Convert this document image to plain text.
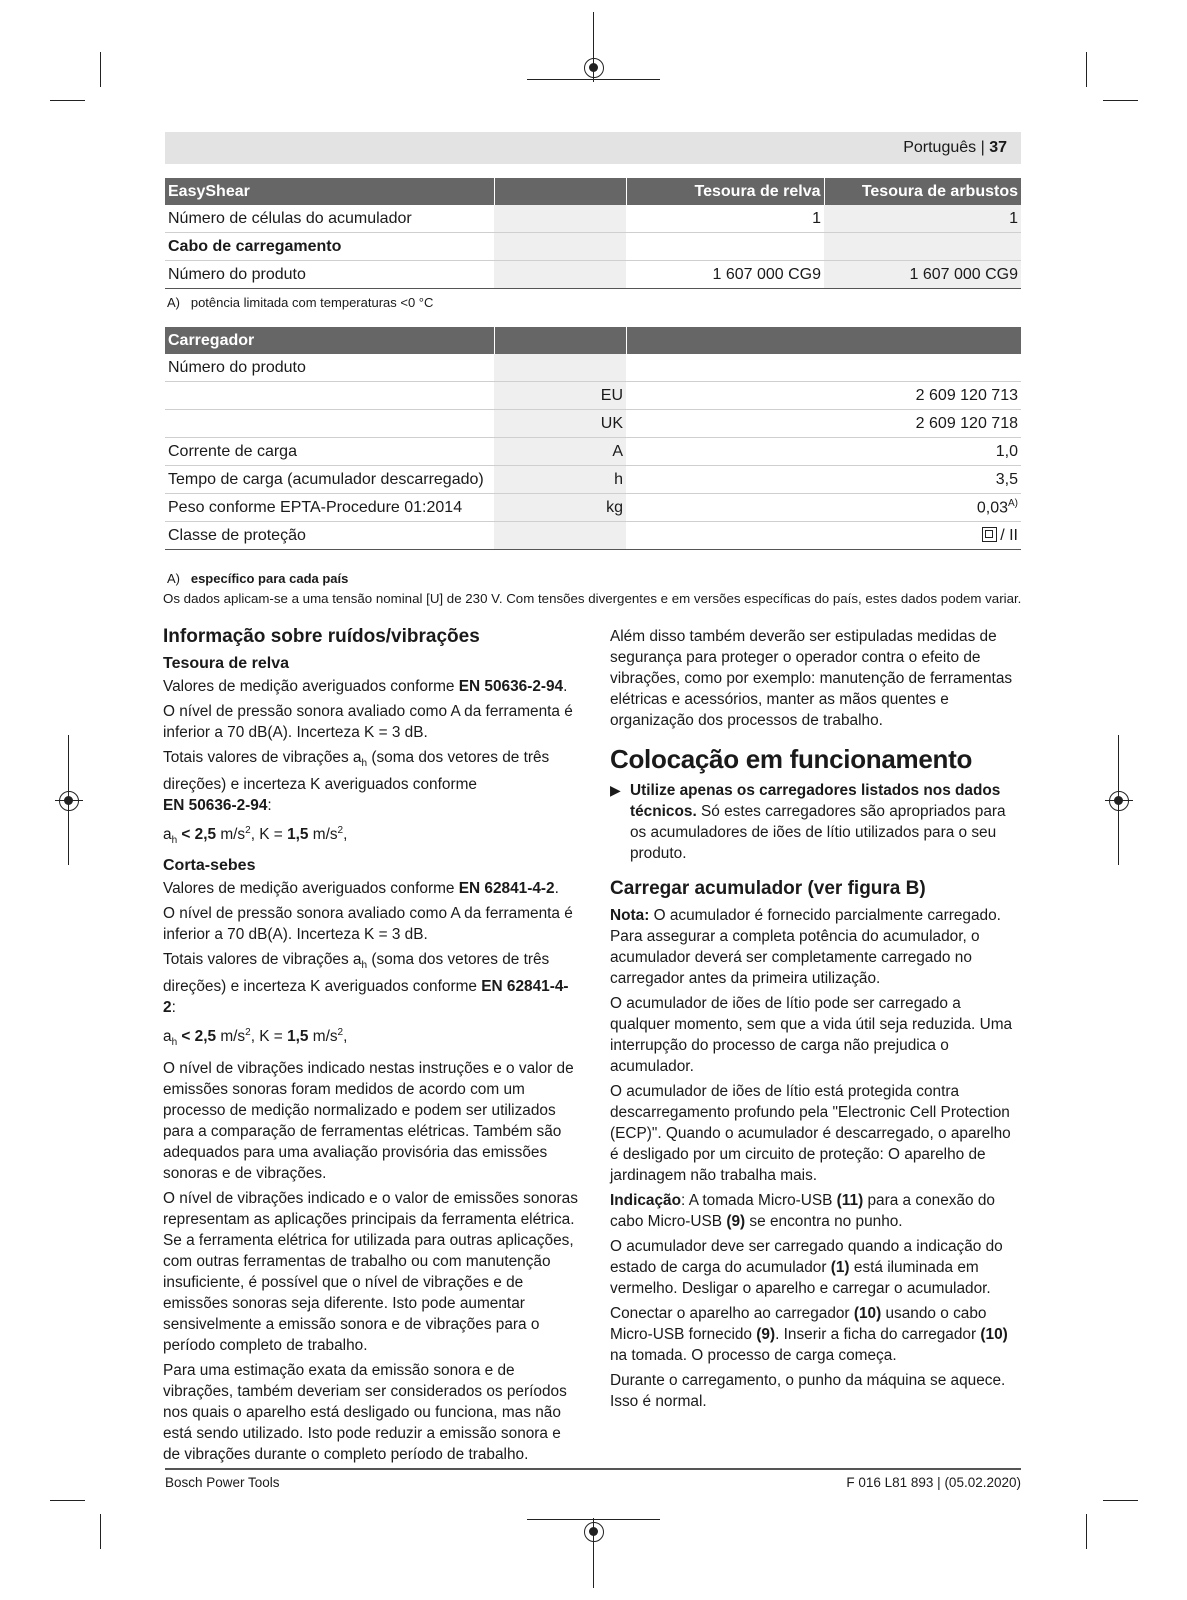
Português | 37
EasyShear		Tesoura de relva	Tesoura de arbustos
Número de células do acumulador		1	1
Cabo de carregamento			
Número do produto		1 607 000 CG9	1 607 000 CG9
A)   potência limitada com temperaturas <0 °C
Carregador		
Número do produto		
	EU	2 609 120 713
	UK	2 609 120 718
Corrente de carga	A	1,0
Tempo de carga (acumulador descarregado)	h	3,5
Peso conforme EPTA-Procedure 01:2014	kg	$0,03^{A)}$
Classe de proteção		/ II
A) específico para cada país
Os dados aplicam-se a uma tensão nominal [U] de 230 V. Com tensões divergentes e em versões específicas do país, estes dados podem variar.
Informação sobre ruídos/vibrações
Tesoura de relva

Valores de medição averiguados conforme EN 50636-2-94.

O nível de pressão sonora avaliado como A da ferramenta é inferior a 70 dB(A). Incerteza K = 3 dB.

Totais valores de vibrações $a_h$ (soma dos vetores de três direções) e incerteza K averiguados conforme
EN 50636-2-94:

$a_h < 2,5$ $m/s^2$, K = 1,5 $m/s^2$,

Corta-sebes

Valores de medição averiguados conforme EN 62841-4-2.

O nível de pressão sonora avaliado como A da ferramenta é inferior a 70 dB(A). Incerteza K = 3 dB.

Totais valores de vibrações $a_h$ (soma dos vetores de três direções) e incerteza K averiguados conforme EN 62841-4-2:

$a_h < 2,5$ $m/s^2$, K = 1,5 $m/s^2$,

O nível de vibrações indicado nestas instruções e o valor de emissões sonoras foram medidos de acordo com um processo de medição normalizado e podem ser utilizados para a comparação de ferramentas elétricas. Também são adequados para uma avaliação provisória das emissões sonoras e de vibrações.

O nível de vibrações indicado e o valor de emissões sonoras representam as aplicações principais da ferramenta elétrica. Se a ferramenta elétrica for utilizada para outras aplicações, com outras ferramentas de trabalho ou com manutenção insuficiente, é possível que o nível de vibrações e de emissões sonoras seja diferente. Isto pode aumentar sensivelmente a emissão sonora e de vibrações para o período completo de trabalho.

Para uma estimação exata da emissão sonora e de vibrações, também deveriam ser considerados os períodos nos quais o aparelho está desligado ou funciona, mas não está sendo utilizado. Isto pode reduzir a emissão sonora e de vibrações durante o completo período de trabalho.

Além disso também deverão ser estipuladas medidas de segurança para proteger o operador contra o efeito de vibrações, como por exemplo: manutenção de ferramentas elétricas e acessórios, manter as mãos quentes e organização dos processos de trabalho.

Colocação em funcionamento

▶ Utilize apenas os carregadores listados nos dados técnicos. Só estes carregadores são apropriados para os acumuladores de iões de lítio utilizados para o seu produto.

Carregar acumulador (ver figura B)

Nota: O acumulador é fornecido parcialmente carregado. Para assegurar a completa potência do acumulador, o acumulador deverá ser completamente carregado no carregador antes da primeira utilização.

O acumulador de iões de lítio pode ser carregado a qualquer momento, sem que a vida útil seja reduzida. Uma interrupção do processo de carga não prejudica o acumulador.

O acumulador de iões de lítio está protegida contra descarregamento profundo pela "Electronic Cell Protection (ECP)". Quando o acumulador é descarregado, o aparelho é desligado por um circuito de proteção: O aparelho de jardinagem não trabalha mais.

Indicação: A tomada Micro-USB (11) para a conexão do cabo Micro-USB (9) se encontra no punho.

O acumulador deve ser carregado quando a indicação do estado de carga do acumulador (1) está iluminada em vermelho. Desligar o aparelho e carregar o acumulador.

Conectar o aparelho ao carregador (10) usando o cabo Micro-USB fornecido (9). Inserir a ficha do carregador (10) na tomada. O processo de carga começa.

Durante o carregamento, o punho da máquina se aquece. Isso é normal.

Bosch Power Tools	F 016 L81 893 | (05.02.2020)
